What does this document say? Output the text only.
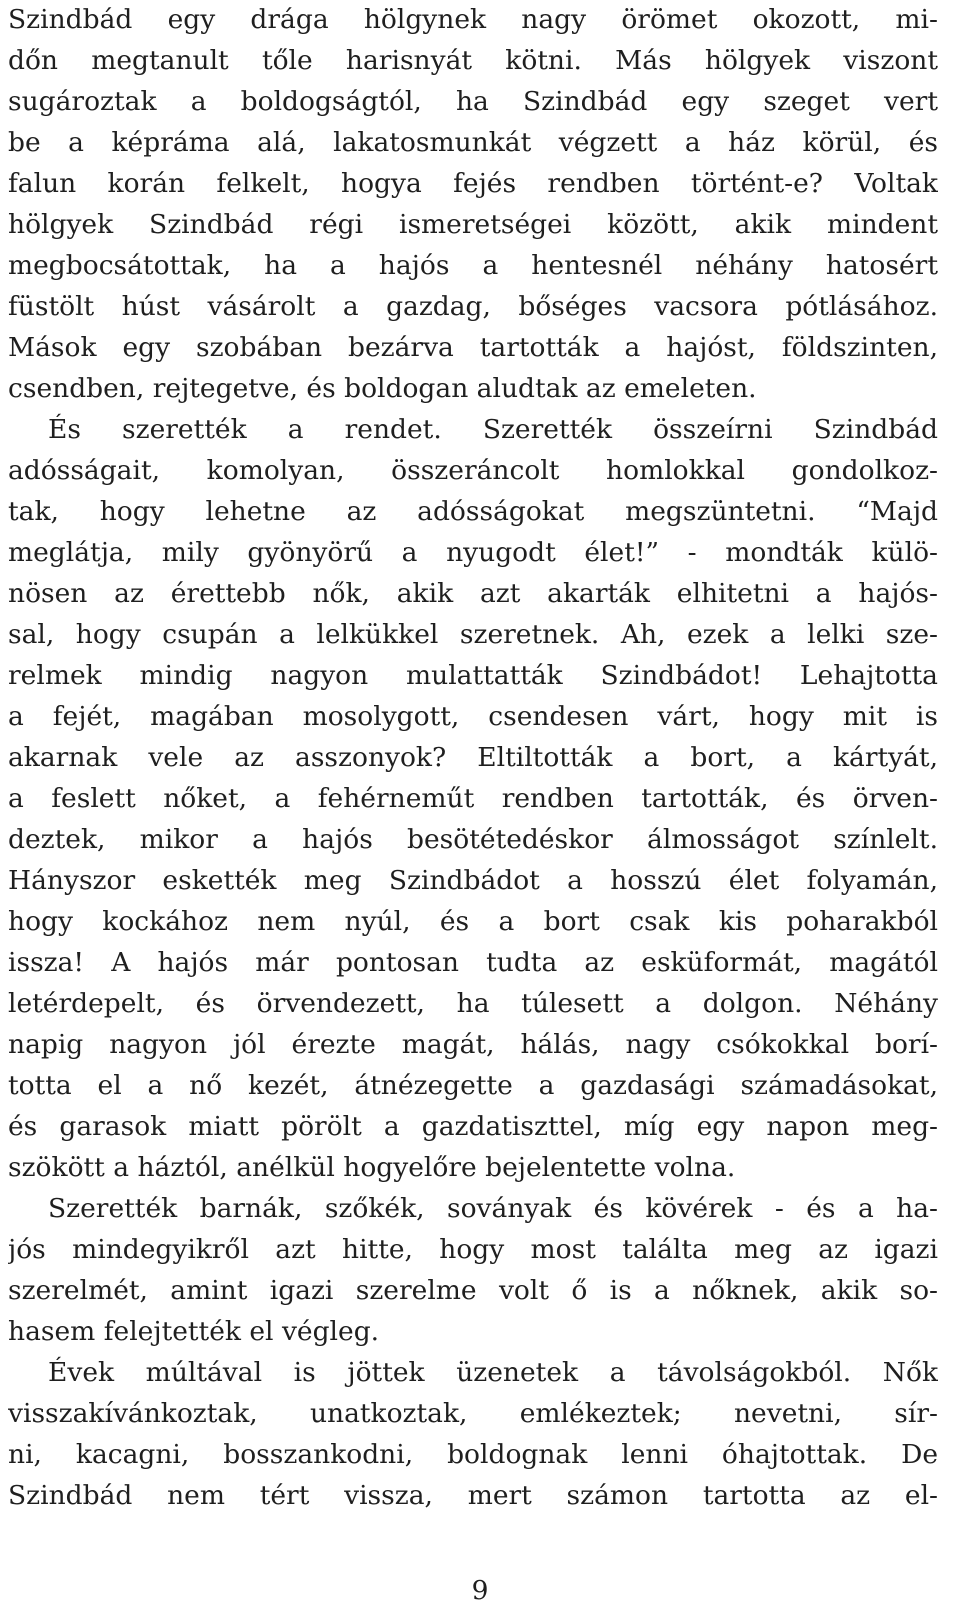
Szindbád egy drága hölgynek nagy örömet okozott, mi-
dőn megtanult tőle harisnyát kötni. Más hölgyek viszont
sugároztak a boldogságtól, ha Szindbád egy szeget vert
be a képráma alá, lakatosmunkát végzett a ház körül, és
falun korán felkelt, hogya fejés rendben történt-e? Voltak
hölgyek Szindbád régi ismeretségei között, akik mindent
megbocsátottak, ha a hajós a hentesnél néhány hatosért
füstölt húst vásárolt a gazdag, bőséges vacsora pótlásához.
Mások egy szobában bezárva tartották a hajóst, földszinten,
csendben, rejtegetve, és boldogan aludtak az emeleten.
És szerették a rendet. Szerették összeírni Szindbád
adósságait, komolyan, összeráncolt homlokkal gondolkoz-
tak, hogy lehetne az adósságokat megszüntetni. “Majd
meglátja, mily gyönyörű a nyugodt élet!” - mondták külö-
nösen az érettebb nők, akik azt akarták elhitetni a hajós-
sal, hogy csupán a lelkükkel szeretnek. Ah, ezek a lelki sze-
relmek mindig nagyon mulattatták Szindbádot! Lehajtotta
a fejét, magában mosolygott, csendesen várt, hogy mit is
akarnak vele az asszonyok? Eltiltották a bort, a kártyát,
a feslett nőket, a fehérneműt rendben tartották, és örven-
deztek, mikor a hajós besötétedéskor álmosságot színlelt.
Hányszor eskették meg Szindbádot a hosszú élet folyamán,
hogy kockához nem nyúl, és a bort csak kis poharakból
issza! A hajós már pontosan tudta az esküformát, magától
letérdepelt, és örvendezett, ha túlesett a dolgon. Néhány
napig nagyon jól érezte magát, hálás, nagy csókokkal borí-
totta el a nő kezét, átnézegette a gazdasági számadásokat,
és garasok miatt pörölt a gazdatiszttel, míg egy napon meg-
szökött a háztól, anélkül hogyelőre bejelentette volna.
Szerették barnák, szőkék, soványak és kövérek - és a ha-
jós mindegyikről azt hitte, hogy most találta meg az igazi
szerelmét, amint igazi szerelme volt ő is a nőknek, akik so-
hasem felejtették el végleg.
Évek múltával is jöttek üzenetek a távolságokból. Nők
visszakívánkoztak, unatkoztak, emlékeztek; nevetni, sír-
ni, kacagni, bosszankodni, boldognak lenni óhajtottak. De
Szindbád nem tért vissza, mert számon tartotta az el-
9
